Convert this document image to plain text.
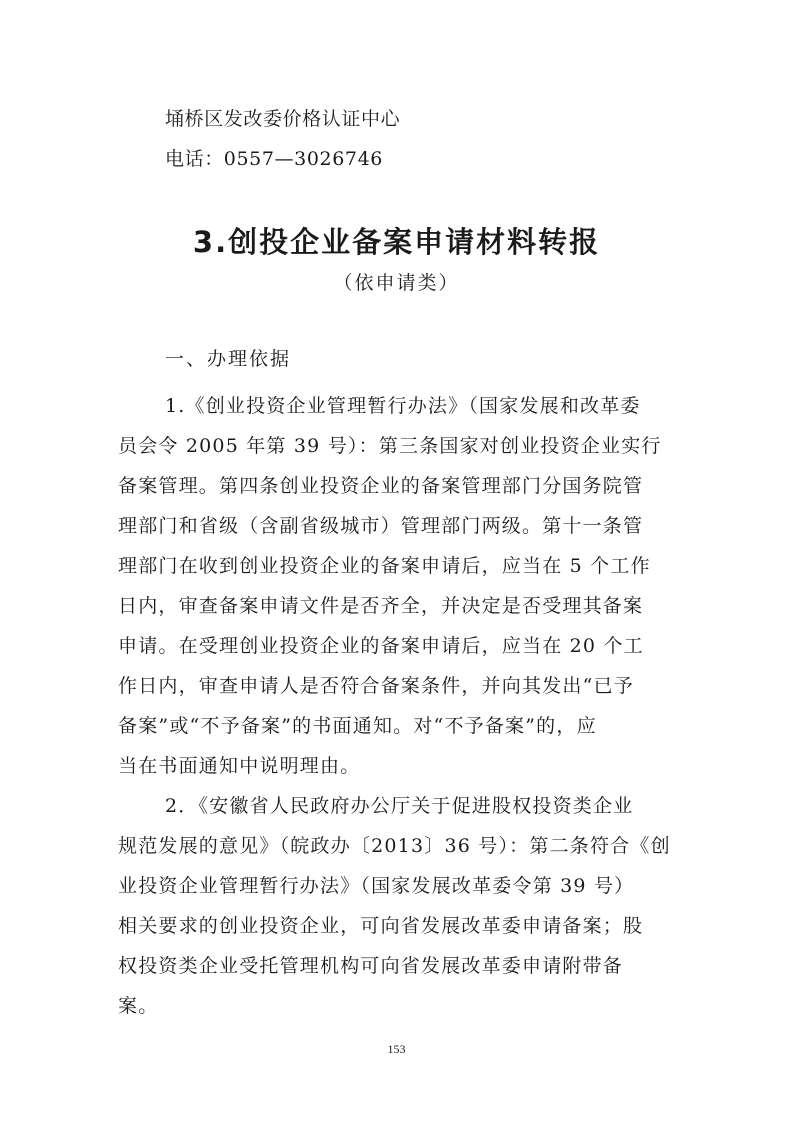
埇桥区发改委价格认证中心
电话：0557—3026746
3.创投企业备案申请材料转报
（依申请类）
一、办理依据
1.《创业投资企业管理暂行办法》（国家发展和改革委
员会令 2005 年第 39 号）：第三条国家对创业投资企业实行
备案管理。第四条创业投资企业的备案管理部门分国务院管
理部门和省级（含副省级城市）管理部门两级。第十一条管
理部门在收到创业投资企业的备案申请后，应当在 5 个工作
日内，审查备案申请文件是否齐全，并决定是否受理其备案
申请。在受理创业投资企业的备案申请后，应当在 20 个工
作日内，审查申请人是否符合备案条件，并向其发出“已予
备案”或“不予备案”的书面通知。对“不予备案”的，应
当在书面通知中说明理由。
2．《安徽省人民政府办公厅关于促进股权投资类企业
规范发展的意见》（皖政办〔2013〕36 号）：第二条符合《创
业投资企业管理暂行办法》（国家发展改革委令第 39 号）
相关要求的创业投资企业，可向省发展改革委申请备案；股
权投资类企业受托管理机构可向省发展改革委申请附带备
案。
153
